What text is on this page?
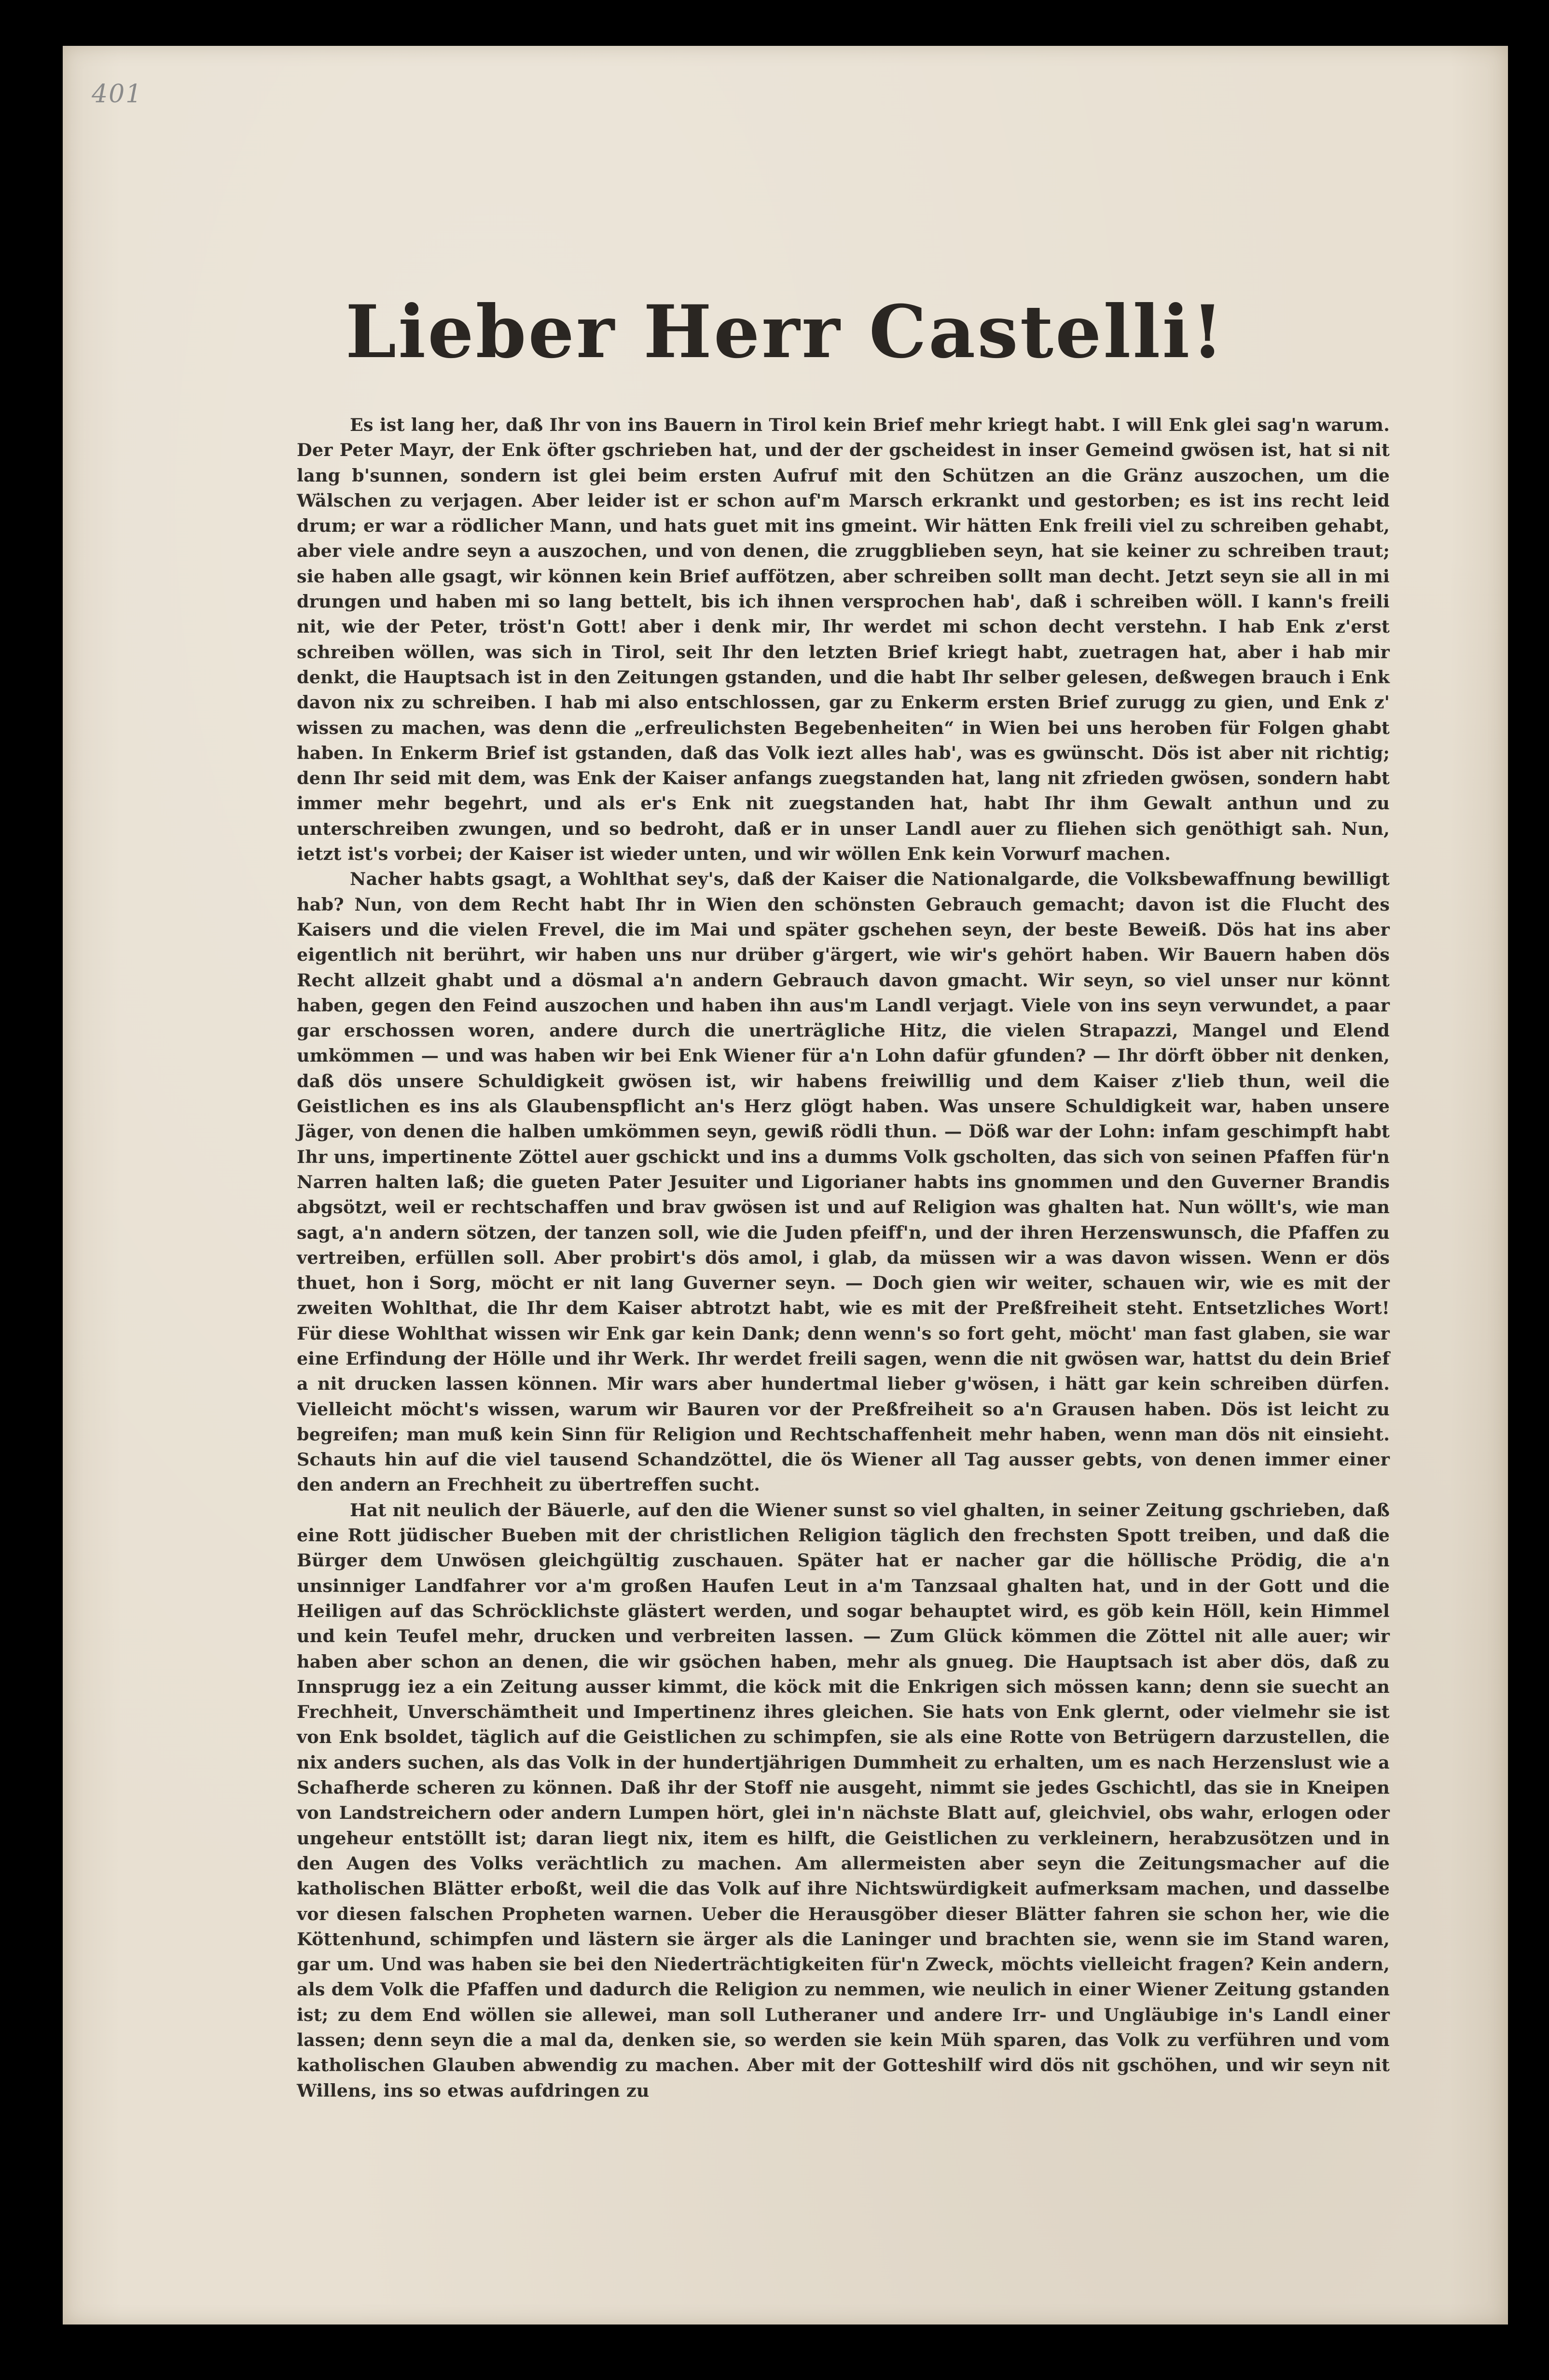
401
Lieber Herr Castelli!

Es ist lang her, daß Ihr von ins Bauern in Tirol kein Brief mehr kriegt habt. I will Enk glei sag'n warum. Der Peter Mayr, der Enk öfter gschrieben hat, und der der gscheidest in inser Gemeind gwösen ist, hat si nit lang b'sunnen, sondern ist glei beim ersten Aufruf mit den Schützen an die Gränz auszochen, um die Wälschen zu verjagen. Aber leider ist er schon auf'm Marsch erkrankt und gestorben; es ist ins recht leid drum; er war a rödlicher Mann, und hats guet mit ins gmeint. Wir hätten Enk freili viel zu schreiben gehabt, aber viele andre seyn a auszochen, und von denen, die zruggblieben seyn, hat sie keiner zu schreiben traut; sie haben alle gsagt, wir können kein Brief auffötzen, aber schreiben sollt man decht. Jetzt seyn sie all in mi drungen und haben mi so lang bettelt, bis ich ihnen versprochen hab', daß i schreiben wöll. I kann's freili nit, wie der Peter, tröst'n Gott! aber i denk mir, Ihr werdet mi schon decht verstehn. I hab Enk z'erst schreiben wöllen, was sich in Tirol, seit Ihr den letzten Brief kriegt habt, zuetragen hat, aber i hab mir denkt, die Hauptsach ist in den Zeitungen gstanden, und die habt Ihr selber gelesen, deßwegen brauch i Enk davon nix zu schreiben. I hab mi also entschlossen, gar zu Enkerm ersten Brief zurugg zu gien, und Enk z' wissen zu machen, was denn die „erfreulichsten Begebenheiten“ in Wien bei uns heroben für Folgen ghabt haben. In Enkerm Brief ist gstanden, daß das Volk iezt alles hab', was es gwünscht. Dös ist aber nit richtig; denn Ihr seid mit dem, was Enk der Kaiser anfangs zuegstanden hat, lang nit zfrieden gwösen, sondern habt immer mehr begehrt, und als er's Enk nit zuegstanden hat, habt Ihr ihm Gewalt anthun und zu unterschreiben zwungen, und so bedroht, daß er in unser Landl auer zu fliehen sich genöthigt sah. Nun, ietzt ist's vorbei; der Kaiser ist wieder unten, und wir wöllen Enk kein Vorwurf machen.

Nacher habts gsagt, a Wohlthat sey's, daß der Kaiser die Nationalgarde, die Volksbewaffnung bewilligt hab? Nun, von dem Recht habt Ihr in Wien den schönsten Gebrauch gemacht; davon ist die Flucht des Kaisers und die vielen Frevel, die im Mai und später gschehen seyn, der beste Beweiß. Dös hat ins aber eigentlich nit berührt, wir haben uns nur drüber g'ärgert, wie wir's gehört haben. Wir Bauern haben dös Recht allzeit ghabt und a dösmal a'n andern Gebrauch davon gmacht. Wir seyn, so viel unser nur könnt haben, gegen den Feind auszochen und haben ihn aus'm Landl verjagt. Viele von ins seyn verwundet, a paar gar erschossen woren, andere durch die unerträgliche Hitz, die vielen Strapazzi, Mangel und Elend umkömmen — und was haben wir bei Enk Wiener für a'n Lohn dafür gfunden? — Ihr dörft öbber nit denken, daß dös unsere Schuldigkeit gwösen ist, wir habens freiwillig und dem Kaiser z'lieb thun, weil die Geistlichen es ins als Glaubenspflicht an's Herz glögt haben. Was unsere Schuldigkeit war, haben unsere Jäger, von denen die halben umkömmen seyn, gewiß rödli thun. — Döß war der Lohn: infam geschimpft habt Ihr uns, impertinente Zöttel auer gschickt und ins a dumms Volk gscholten, das sich von seinen Pfaffen für'n Narren halten laß; die gueten Pater Jesuiter und Ligorianer habts ins gnommen und den Guverner Brandis abgsötzt, weil er rechtschaffen und brav gwösen ist und auf Religion was ghalten hat. Nun wöllt's, wie man sagt, a'n andern sötzen, der tanzen soll, wie die Juden pfeiff'n, und der ihren Herzenswunsch, die Pfaffen zu vertreiben, erfüllen soll. Aber probirt's dös amol, i glab, da müssen wir a was davon wissen. Wenn er dös thuet, hon i Sorg, möcht er nit lang Guverner seyn. — Doch gien wir weiter, schauen wir, wie es mit der zweiten Wohlthat, die Ihr dem Kaiser abtrotzt habt, wie es mit der Preßfreiheit steht. Entsetzliches Wort! Für diese Wohlthat wissen wir Enk gar kein Dank; denn wenn's so fort geht, möcht' man fast glaben, sie war eine Erfindung der Hölle und ihr Werk. Ihr werdet freili sagen, wenn die nit gwösen war, hattst du dein Brief a nit drucken lassen können. Mir wars aber hundertmal lieber g'wösen, i hätt gar kein schreiben dürfen. Vielleicht möcht's wissen, warum wir Bauren vor der Preßfreiheit so a'n Grausen haben. Dös ist leicht zu begreifen; man muß kein Sinn für Religion und Rechtschaffenheit mehr haben, wenn man dös nit einsieht. Schauts hin auf die viel tausend Schandzöttel, die ös Wiener all Tag ausser gebts, von denen immer einer den andern an Frechheit zu übertreffen sucht.

Hat nit neulich der Bäuerle, auf den die Wiener sunst so viel ghalten, in seiner Zeitung gschrieben, daß eine Rott jüdischer Bueben mit der christlichen Religion täglich den frechsten Spott treiben, und daß die Bürger dem Unwösen gleichgültig zuschauen. Später hat er nacher gar die höllische Prödig, die a'n unsinniger Landfahrer vor a'm großen Haufen Leut in a'm Tanzsaal ghalten hat, und in der Gott und die Heiligen auf das Schröcklichste glästert werden, und sogar behauptet wird, es göb kein Höll, kein Himmel und kein Teufel mehr, drucken und verbreiten lassen. — Zum Glück kömmen die Zöttel nit alle auer; wir haben aber schon an denen, die wir gsöchen haben, mehr als gnueg. Die Hauptsach ist aber dös, daß zu Innsprugg iez a ein Zeitung ausser kimmt, die köck mit die Enkrigen sich mössen kann; denn sie suecht an Frechheit, Unverschämtheit und Impertinenz ihres gleichen. Sie hats von Enk glernt, oder vielmehr sie ist von Enk bsoldet, täglich auf die Geistlichen zu schimpfen, sie als eine Rotte von Betrügern darzustellen, die nix anders suchen, als das Volk in der hundertjährigen Dummheit zu erhalten, um es nach Herzenslust wie a Schafherde scheren zu können. Daß ihr der Stoff nie ausgeht, nimmt sie jedes Gschichtl, das sie in Kneipen von Landstreichern oder andern Lumpen hört, glei in'n nächste Blatt auf, gleichviel, obs wahr, erlogen oder ungeheur entstöllt ist; daran liegt nix, item es hilft, die Geistlichen zu verkleinern, herabzusötzen und in den Augen des Volks verächtlich zu machen. Am allermeisten aber seyn die Zeitungsmacher auf die katholischen Blätter erboßt, weil die das Volk auf ihre Nichtswürdigkeit aufmerksam machen, und dasselbe vor diesen falschen Propheten warnen. Ueber die Herausgöber dieser Blätter fahren sie schon her, wie die Köttenhund, schimpfen und lästern sie ärger als die Laninger und brachten sie, wenn sie im Stand waren, gar um. Und was haben sie bei den Niederträchtigkeiten für'n Zweck, möchts vielleicht fragen? Kein andern, als dem Volk die Pfaffen und dadurch die Religion zu nemmen, wie neulich in einer Wiener Zeitung gstanden ist; zu dem End wöllen sie allewei, man soll Lutheraner und andere Irr- und Ungläubige in's Landl einer lassen; denn seyn die a mal da, denken sie, so werden sie kein Müh sparen, das Volk zu verführen und vom katholischen Glauben abwendig zu machen. Aber mit der Gotteshilf wird dös nit gschöhen, und wir seyn nit Willens, ins so etwas aufdringen zu
